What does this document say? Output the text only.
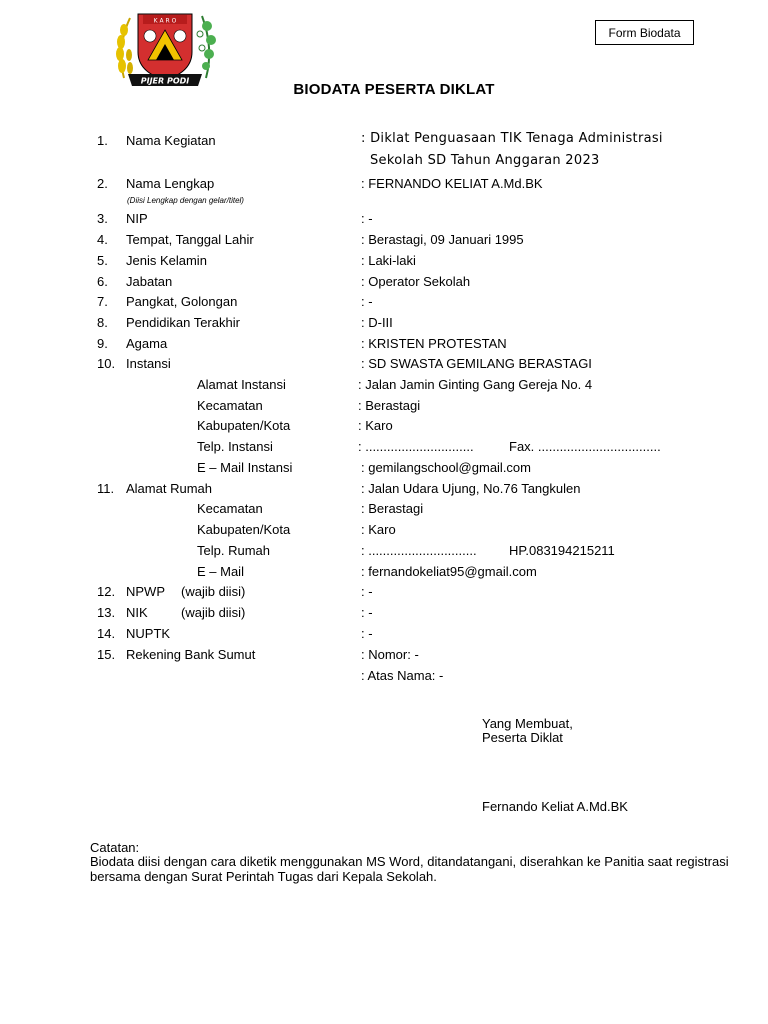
K A R O
PIJER PODI
Form Biodata
BIODATA PESERTA DIKLAT
1. Nama Kegiatan	: Diklat Penguasaan TIK Tenaga Administrasi
Sekolah SD Tahun Anggaran 2023
2. Nama Lengkap	: FERNANDO KELIAT A.Md.BK
(Diisi Lengkap dengan gelar/titel)
3. NIP	: -
4. Tempat, Tanggal Lahir	: Berastagi, 09 Januari 1995
5. Jenis Kelamin	: Laki-laki
6. Jabatan	: Operator Sekolah
7. Pangkat, Golongan	: -
8. Pendidikan Terakhir	: D-III
9. Agama	: KRISTEN PROTESTAN
10. Instansi	: SD SWASTA GEMILANG BERASTAGI
Alamat Instansi	: Jalan Jamin Ginting Gang Gereja No. 4
Kecamatan	: Berastagi
Kabupaten/Kota	: Karo
Telp. Instansi	: ..............................	Fax. ..................................
E – Mail Instansi	: gemilangschool@gmail.com
11. Alamat Rumah	: Jalan Udara Ujung, No.76 Tangkulen
Kecamatan	: Berastagi
Kabupaten/Kota	: Karo
Telp. Rumah	: .............................. HP.083194215211
E – Mail	: fernandokeliat95@gmail.com
12. NPWP (wajib diisi)	: -
13. NIK	(wajib diisi)	: -
14. NUPTK	: -
15. Rekening Bank Sumut	: Nomor: -
: Atas Nama: -
Yang Membuat,
Peserta Diklat
Fernando Keliat A.Md.BK
Catatan:
Biodata diisi dengan cara diketik menggunakan MS Word, ditandatangani, diserahkan ke Panitia saat registrasi bersama dengan Surat Perintah Tugas dari Kepala Sekolah.
